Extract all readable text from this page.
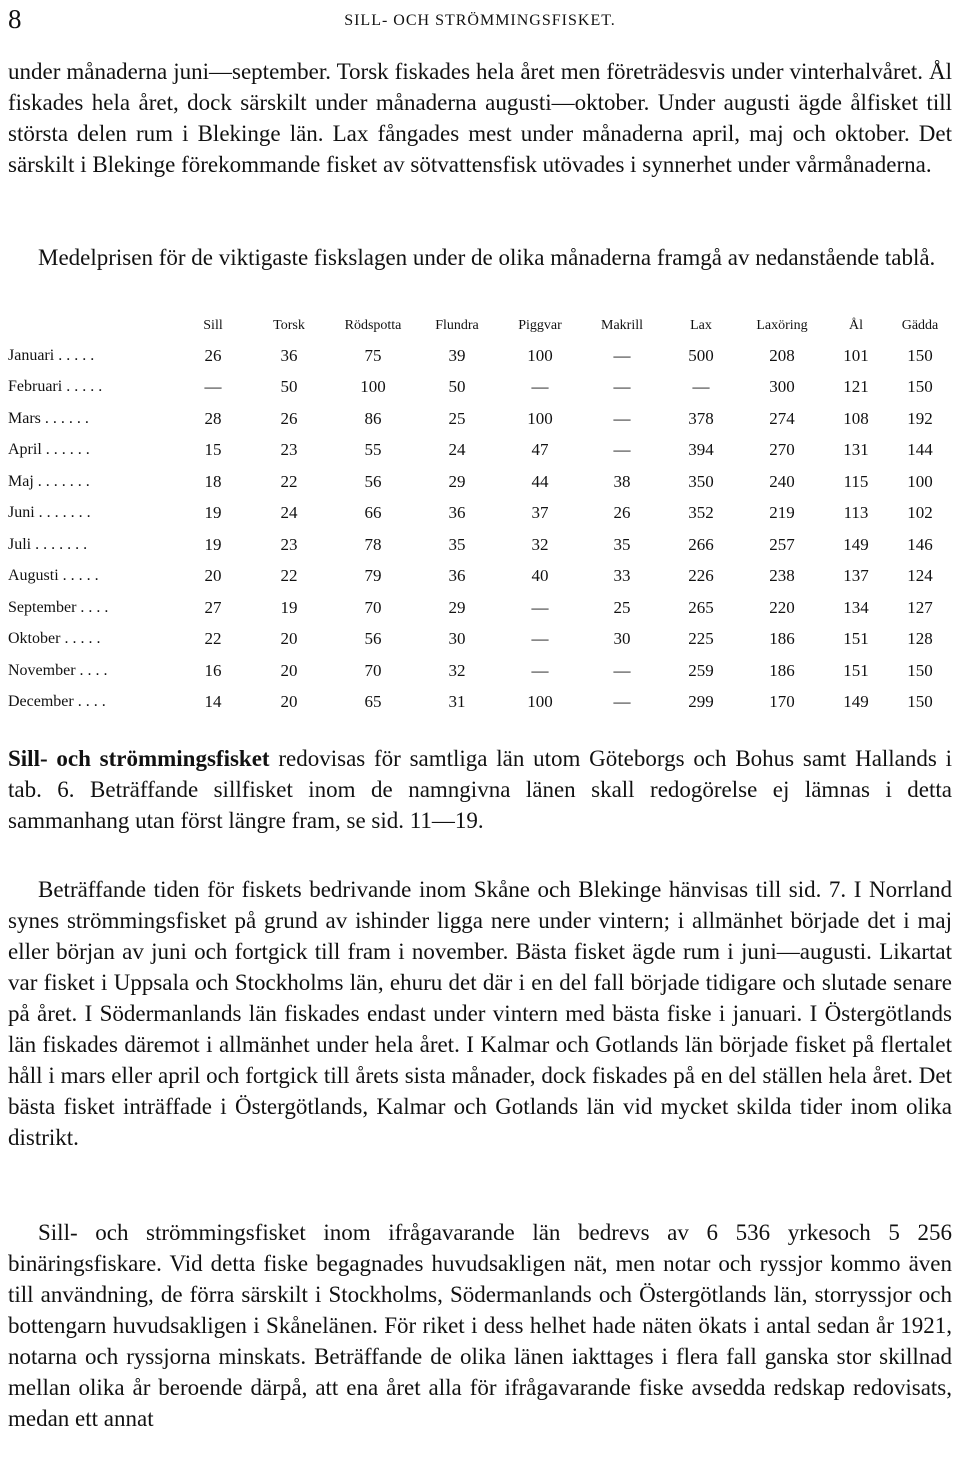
8	SILL- OCH STRÖMMINGSFISKET.
under månaderna juni—september. Torsk fiskades hela året men företrädesvis under vinterhalvåret. Ål fiskades hela året, dock särskilt under månaderna augusti—oktober. Under augusti ägde ålfisket till största delen rum i Blekinge län. Lax fångades mest under månaderna april, maj och oktober. Det särskilt i Blekinge förekommande fisket av sötvattensfisk utövades i synnerhet under vårmånaderna.
Medelprisen för de viktigaste fiskslagen under de olika månaderna framgå av nedanstående tablå.
	Sill	Torsk	Rödspotta	Flundra	Piggvar	Makrill	Lax	Laxöring	Ål	Gädda
Januari .....	26	36	75	39	100	—	500	208	101	150
Februari .....	—	50	100	50	—	—	—	300	121	150
Mars ......	28	26	86	25	100	—	378	274	108	192
April ......	15	23	55	24	47	—	394	270	131	144
Maj .......	18	22	56	29	44	38	350	240	115	100
Juni .......	19	24	66	36	37	26	352	219	113	102
Juli .......	19	23	78	35	32	35	266	257	149	146
Augusti .....	20	22	79	36	40	33	226	238	137	124
September ....	27	19	70	29	—	25	265	220	134	127
Oktober .....	22	20	56	30	—	30	225	186	151	128
November ....	16	20	70	32	—	—	259	186	151	150
December ....	14	20	65	31	100	—	299	170	149	150
Sill- och strömmingsfisket redovisas för samtliga län utom Göteborgs och Bohus samt Hallands i tab. 6. Beträffande sillfisket inom de namngivna länen skall redogörelse ej lämnas i detta sammanhang utan först längre fram, se sid. 11—19.
Beträffande tiden för fiskets bedrivande inom Skåne och Blekinge hänvisas till sid. 7. I Norrland synes strömmingsfisket på grund av ishinder ligga nere under vintern; i allmänhet började det i maj eller början av juni och fortgick till fram i november. Bästa fisket ägde rum i juni—augusti. Likartat var fisket i Uppsala och Stockholms län, ehuru det där i en del fall började tidigare och slutade senare på året. I Södermanlands län fiskades endast under vintern med bästa fiske i januari. I Östergötlands län fiskades däremot i allmänhet under hela året. I Kalmar och Gotlands län började fisket på flertalet håll i mars eller april och fortgick till årets sista månader, dock fiskades på en del ställen hela året. Det bästa fisket inträffade i Östergötlands, Kalmar och Gotlands län vid mycket skilda tider inom olika distrikt.
Sill- och strömmingsfisket inom ifrågavarande län bedrevs av 6 536 yrkesoch 5 256 binäringsfiskare. Vid detta fiske begagnades huvudsakligen nät, men notar och ryssjor kommo även till användning, de förra särskilt i Stockholms, Södermanlands och Östergötlands län, storryssjor och bottengarn huvudsakligen i Skånelänen. För riket i dess helhet hade näten ökats i antal sedan år 1921, notarna och ryssjorna minskats. Beträffande de olika länen iakttages i flera fall ganska stor skillnad mellan olika år beroende därpå, att ena året alla för ifrågavarande fiske avsedda redskap redovisats, medan ett annat
